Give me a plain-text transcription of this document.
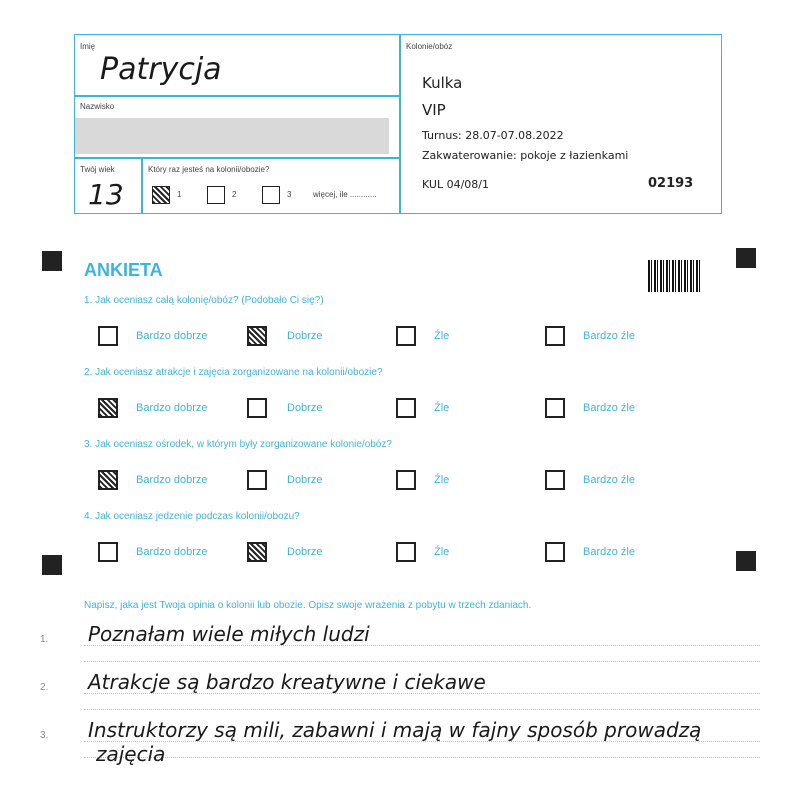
Imię
Patrycja
Nazwisko
Twój wiek
13
Który raz jesteś na kolonii/obozie?
1	2	3	więcej, ile ............
Kolonie/obóz
Kulka
VIP
Turnus: 28.07-07.08.2022
Zakwaterowanie: pokoje z łazienkami
KUL 04/08/1	02193
ANKIETA
1. Jak oceniasz całą kolonię/obóz? (Podobało Ci się?)
Bardzo dobrze	Dobrze	Źle	Bardzo źle
2. Jak oceniasz atrakcje i zajęcia zorganizowane na kolonii/obozie?
Bardzo dobrze	Dobrze	Źle	Bardzo źle
3. Jak oceniasz ośrodek, w którym były zorganizowane kolonie/obóz?
Bardzo dobrze	Dobrze	Źle	Bardzo źle
4. Jak oceniasz jedzenie podczas kolonii/obozu?
Bardzo dobrze	Dobrze	Źle	Bardzo źle
Napisz, jaka jest Twoja opinia o kolonii lub obozie. Opisz swoje wrażenia z pobytu w trzech zdaniach.
1. Poznałam wiele miłych ludzi
2. Atrakcje są bardzo kreatywne i ciekawe
3. Instruktorzy są mili, zabawni i mają w fajny sposób prowadzą
zajęcia
